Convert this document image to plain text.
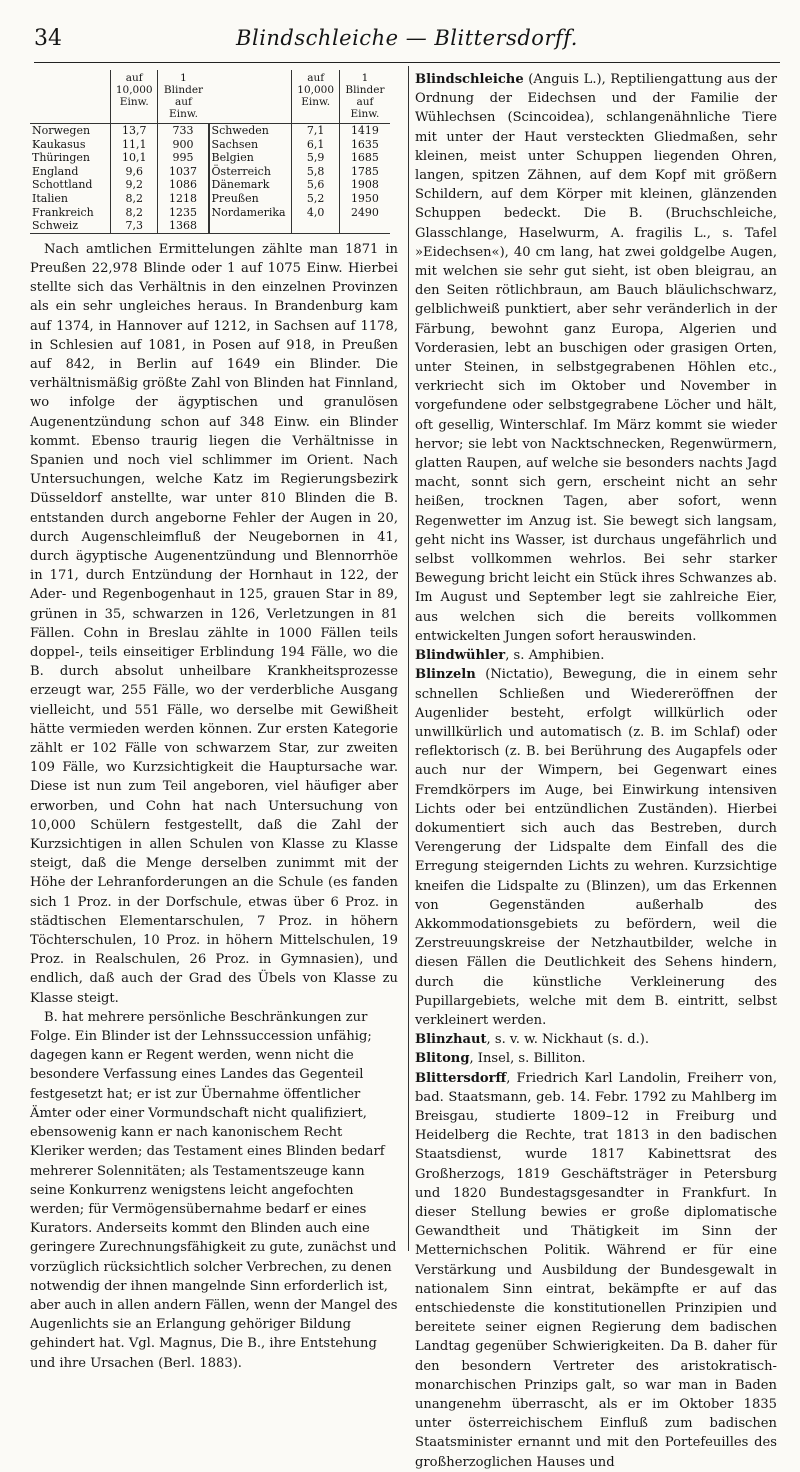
34	Blindschleiche — Blittersdorff.
	auf 10,000 Einw.	1 Blinder auf Einw.		auf 10,000 Einw.	1 Blinder auf Einw.
Norwegen	13,7	733	Schweden	7,1	1419
Kaukasus	11,1	900	Sachsen	6,1	1635
Thüringen	10,1	995	Belgien	5,9	1685
England	9,6	1037	Österreich	5,8	1785
Schottland	9,2	1086	Dänemark	5,6	1908
Italien	8,2	1218	Preußen	5,2	1950
Frankreich	8,2	1235	Nordamerika	4,0	2490
Schweiz	7,3	1368			

Nach amtlichen Ermittelungen zählte man 1871 in Preußen 22,978 Blinde oder 1 auf 1075 Einw. Hierbei stellte sich das Verhältnis in den einzelnen Provinzen als ein sehr ungleiches heraus. In Brandenburg kam auf 1374, in Hannover auf 1212, in Sachsen auf 1178, in Schlesien auf 1081, in Posen auf 918, in Preußen auf 842, in Berlin auf 1649 ein Blinder. Die verhältnismäßig größte Zahl von Blinden hat Finnland, wo infolge der ägyptischen und granulösen Augenentzündung schon auf 348 Einw. ein Blinder kommt. Ebenso traurig liegen die Verhältnisse in Spanien und noch viel schlimmer im Orient. Nach Untersuchungen, welche Katz im Regierungsbezirk Düsseldorf anstellte, war unter 810 Blinden die B. entstanden durch angeborne Fehler der Augen in 20, durch Augenschleimfluß der Neugebornen in 41, durch ägyptische Augenentzündung und Blennorrhöe in 171, durch Entzündung der Hornhaut in 122, der Ader- und Regenbogenhaut in 125, grauen Star in 89, grünen in 35, schwarzen in 126, Verletzungen in 81 Fällen. Cohn in Breslau zählte in 1000 Fällen teils doppel-, teils einseitiger Erblindung 194 Fälle, wo die B. durch absolut unheilbare Krankheitsprozesse erzeugt war, 255 Fälle, wo der verderbliche Ausgang vielleicht, und 551 Fälle, wo derselbe mit Gewißheit hätte vermieden werden können. Zur ersten Kategorie zählt er 102 Fälle von schwarzem Star, zur zweiten 109 Fälle, wo Kurzsichtigkeit die Hauptursache war. Diese ist nun zum Teil angeboren, viel häufiger aber erworben, und Cohn hat nach Untersuchung von 10,000 Schülern festgestellt, daß die Zahl der Kurzsichtigen in allen Schulen von Klasse zu Klasse steigt, daß die Menge derselben zunimmt mit der Höhe der Lehranforderungen an die Schule (es fanden sich 1 Proz. in der Dorfschule, etwas über 6 Proz. in städtischen Elementarschulen, 7 Proz. in höhern Töchterschulen, 10 Proz. in höhern Mittelschulen, 19 Proz. in Realschulen, 26 Proz. in Gymnasien), und endlich, daß auch der Grad des Übels von Klasse zu Klasse steigt.

B. hat mehrere persönliche Beschränkungen zur Folge. Ein Blinder ist der Lehnssuccession unfähig; dagegen kann er Regent werden, wenn nicht die besondere Verfassung eines Landes das Gegenteil festgesetzt hat; er ist zur Übernahme öffentlicher Ämter oder einer Vormundschaft nicht qualifiziert, ebensowenig kann er nach kanonischem Recht Kleriker werden; das Testament eines Blinden bedarf mehrerer Solennitäten; als Testamentszeuge kann seine Konkurrenz wenigstens leicht angefochten werden; für Vermögensübernahme bedarf er eines Kurators. Anderseits kommt den Blinden auch eine geringere Zurechnungsfähigkeit zu gute, zunächst und vorzüglich rücksichtlich solcher Verbrechen, zu denen notwendig der ihnen mangelnde Sinn erforderlich ist, aber auch in allen andern Fällen, wenn der Mangel des Augenlichts sie an Erlangung gehöriger Bildung gehindert hat. Vgl. Magnus, Die B., ihre Entstehung und ihre Ursachen (Berl. 1883).

Blindschleiche (Anguis L.), Reptiliengattung aus der Ordnung der Eidechsen und der Familie der Wühlechsen (Scincoidea), schlangenähnliche Tiere mit unter der Haut versteckten Gliedmaßen, sehr kleinen, meist unter Schuppen liegenden Ohren, langen, spitzen Zähnen, auf dem Kopf mit größern Schildern, auf dem Körper mit kleinen, glänzenden Schuppen bedeckt. Die B. (Bruchschleiche, Glasschlange, Haselwurm, A. fragilis L., s. Tafel »Eidechsen«), 40 cm lang, hat zwei goldgelbe Augen, mit welchen sie sehr gut sieht, ist oben bleigrau, an den Seiten rötlichbraun, am Bauch bläulichschwarz, gelblichweiß punktiert, aber sehr veränderlich in der Färbung, bewohnt ganz Europa, Algerien und Vorderasien, lebt an buschigen oder grasigen Orten, unter Steinen, in selbstgegrabenen Höhlen etc., verkriecht sich im Oktober und November in vorgefundene oder selbstgegrabene Löcher und hält, oft gesellig, Winterschlaf. Im März kommt sie wieder hervor; sie lebt von Nacktschnecken, Regenwürmern, glatten Raupen, auf welche sie besonders nachts Jagd macht, sonnt sich gern, erscheint nicht an sehr heißen, trocknen Tagen, aber sofort, wenn Regenwetter im Anzug ist. Sie bewegt sich langsam, geht nicht ins Wasser, ist durchaus ungefährlich und selbst vollkommen wehrlos. Bei sehr starker Bewegung bricht leicht ein Stück ihres Schwanzes ab. Im August und September legt sie zahlreiche Eier, aus welchen sich die bereits vollkommen entwickelten Jungen sofort herauswinden.

Blindwühler, s. Amphibien.

Blinzeln (Nictatio), Bewegung, die in einem sehr schnellen Schließen und Wiedereröffnen der Augenlider besteht, erfolgt willkürlich oder unwillkürlich und automatisch (z. B. im Schlaf) oder reflektorisch (z. B. bei Berührung des Augapfels oder auch nur der Wimpern, bei Gegenwart eines Fremdkörpers im Auge, bei Einwirkung intensiven Lichts oder bei entzündlichen Zuständen). Hierbei dokumentiert sich auch das Bestreben, durch Verengerung der Lidspalte dem Einfall des die Erregung steigernden Lichts zu wehren. Kurzsichtige kneifen die Lidspalte zu (Blinzen), um das Erkennen von Gegenständen außerhalb des Akkommodationsgebiets zu befördern, weil die Zerstreuungskreise der Netzhautbilder, welche in diesen Fällen die Deutlichkeit des Sehens hindern, durch die künstliche Verkleinerung des Pupillargebiets, welche mit dem B. eintritt, selbst verkleinert werden.

Blinzhaut, s. v. w. Nickhaut (s. d.).

Blitong, Insel, s. Billiton.

Blittersdorff, Friedrich Karl Landolin, Freiherr von, bad. Staatsmann, geb. 14. Febr. 1792 zu Mahlberg im Breisgau, studierte 1809–12 in Freiburg und Heidelberg die Rechte, trat 1813 in den badischen Staatsdienst, wurde 1817 Kabinettsrat des Großherzogs, 1819 Geschäftsträger in Petersburg und 1820 Bundestagsgesandter in Frankfurt. In dieser Stellung bewies er große diplomatische Gewandtheit und Thätigkeit im Sinn der Metternichschen Politik. Während er für eine Verstärkung und Ausbildung der Bundesgewalt in nationalem Sinn eintrat, bekämpfte er auf das entschiedenste die konstitutionellen Prinzipien und bereitete seiner eignen Regierung dem badischen Landtag gegenüber Schwierigkeiten. Da B. daher für den besondern Vertreter des aristokratisch-monarchischen Prinzips galt, so war man in Baden unangenehm überrascht, als er im Oktober 1835 unter österreichischem Einfluß zum badischen Staatsminister ernannt und mit den Portefeuilles des großherzoglichen Hauses und
